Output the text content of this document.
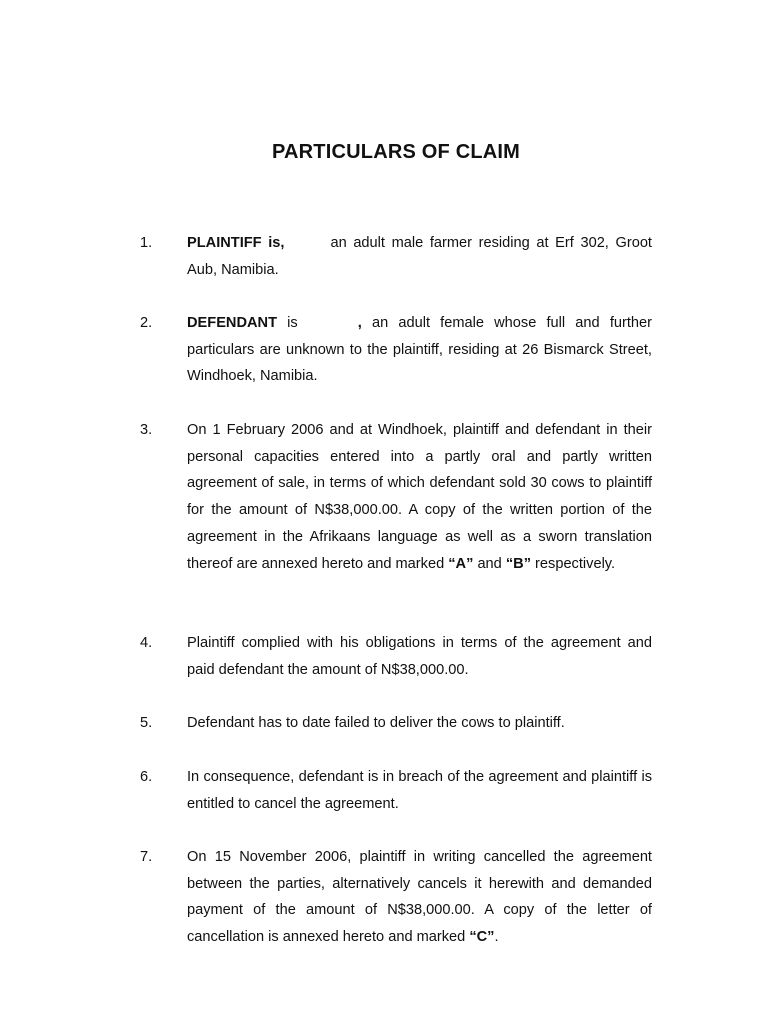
PARTICULARS OF CLAIM
1.	PLAINTIFF is,	an adult male farmer residing at Erf 302, Groot Aub, Namibia.
2.	DEFENDANT is	, an adult female whose full and further particulars are unknown to the plaintiff, residing at 26 Bismarck Street, Windhoek, Namibia.
3.	On 1 February 2006 and at Windhoek, plaintiff and defendant in their personal capacities entered into a partly oral and partly written agreement of sale, in terms of which defendant sold 30 cows to plaintiff for the amount of N$38,000.00. A copy of the written portion of the agreement in the Afrikaans language as well as a sworn translation thereof are annexed hereto and marked “A” and “B” respectively.
4.	Plaintiff complied with his obligations in terms of the agreement and paid defendant the amount of N$38,000.00.
5.	Defendant has to date failed to deliver the cows to plaintiff.
6.	In consequence, defendant is in breach of the agreement and plaintiff is entitled to cancel the agreement.
7.	On 15 November 2006, plaintiff in writing cancelled the agreement between the parties, alternatively cancels it herewith and demanded payment of the amount of N$38,000.00. A copy of the letter of cancellation is annexed hereto and marked “C”.
